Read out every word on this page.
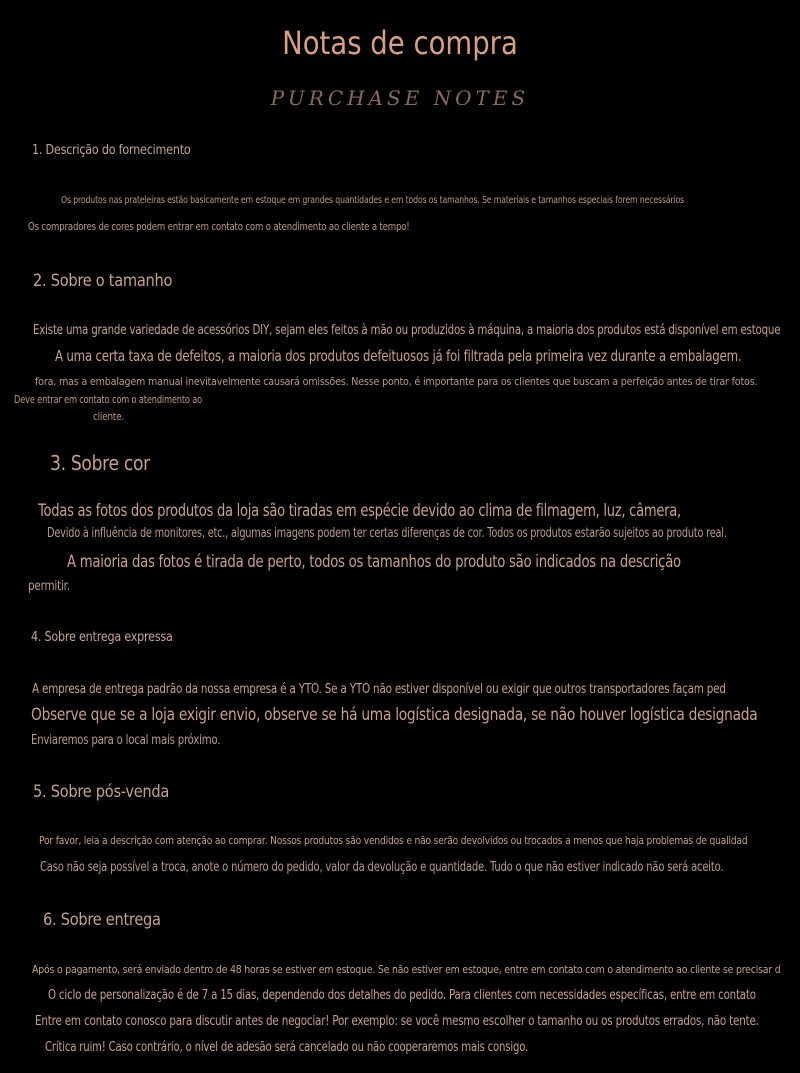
Notas de compra
PURCHASE NOTES
1. Descrição do fornecimento
Os produtos nas prateleiras estão basicamente em estoque em grandes quantidades e em todos os tamanhos. Se materiais e tamanhos especiais forem necessários
Os compradores de cores podem entrar em contato com o atendimento ao cliente a tempo!
2. Sobre o tamanho
Existe uma grande variedade de acessórios DIY, sejam eles feitos à mão ou produzidos à máquina, a maioria dos produtos está disponível em estoque
A uma certa taxa de defeitos, a maioria dos produtos defeituosos já foi filtrada pela primeira vez durante a embalagem.
fora, mas a embalagem manual inevitavelmente causará omissões. Nesse ponto, é importante para os clientes que buscam a perfeição antes de tirar fotos.
Deve entrar em contato com o atendimento ao
cliente.
3. Sobre cor
Todas as fotos dos produtos da loja são tiradas em espécie devido ao clima de filmagem, luz, câmera,
Devido à influência de monitores, etc., algumas imagens podem ter certas diferenças de cor. Todos os produtos estarão sujeitos ao produto real.
A maioria das fotos é tirada de perto, todos os tamanhos do produto são indicados na descrição
permitir.
4. Sobre entrega expressa
A empresa de entrega padrão da nossa empresa é a YTO. Se a YTO não estiver disponível ou exigir que outros transportadores façam ped
Observe que se a loja exigir envio, observe se há uma logística designada, se não houver logística designada
Enviaremos para o local mais próximo.
5. Sobre pós-venda
Por favor, leia a descrição com atenção ao comprar. Nossos produtos são vendidos e não serão devolvidos ou trocados a menos que haja problemas de qualidad
Caso não seja possível a troca, anote o número do pedido, valor da devolução e quantidade. Tudo o que não estiver indicado não será aceito.
6. Sobre entrega
Após o pagamento, será enviado dentro de 48 horas se estiver em estoque. Se não estiver em estoque, entre em contato com o atendimento ao cliente se precisar d
O ciclo de personalização é de 7 a 15 dias, dependendo dos detalhes do pedido. Para clientes com necessidades específicas, entre em contato
Entre em contato conosco para discutir antes de negociar! Por exemplo: se você mesmo escolher o tamanho ou os produtos errados, não tente.
Crítica ruim! Caso contrário, o nível de adesão será cancelado ou não cooperaremos mais consigo.
